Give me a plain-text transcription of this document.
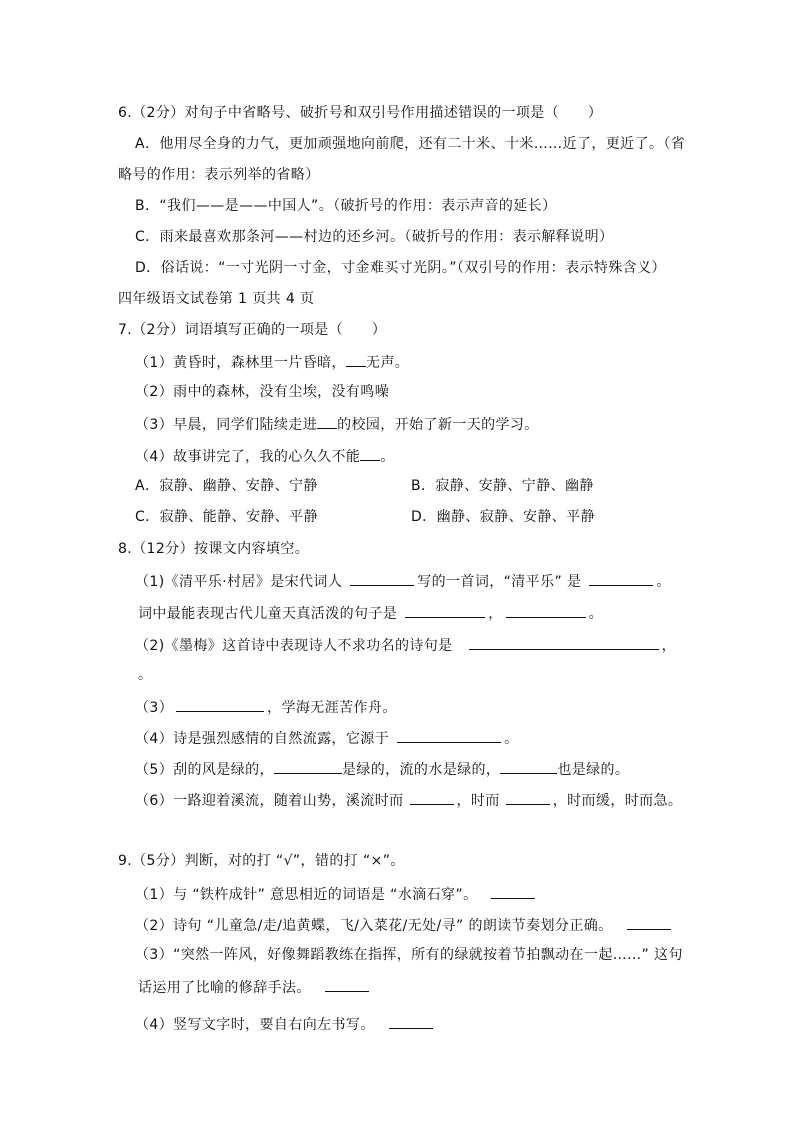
6.（2分）对句子中省略号、破折号和双引号作用描述错误的一项是（　　）
A．他用尽全身的力气，更加顽强地向前爬，还有二十米、十米……近了，更近了。（省
略号的作用：表示列举的省略）
B．“我们——是——中国人”。（破折号的作用：表示声音的延长）
C．雨来最喜欢那条河——村边的还乡河。（破折号的作用：表示解释说明）
D．俗话说：“一寸光阴一寸金，寸金难买寸光阴。”（双引号的作用：表示特殊含义）
四年级语文试卷第 1 页共 4 页
7.（2分）词语填写正确的一项是（　　）
（1）黄昏时，森林里一片昏暗， 无声。
（2）雨中的森林，没有尘埃，没有鸣噪
（3）早晨，同学们陆续走进 的校园，开始了新一天的学习。
（4）故事讲完了，我的心久久不能 。
A．寂静、幽静、安静、宁静	B．寂静、安静、宁静、幽静
C．寂静、能静、安静、平静	D．幽静、寂静、安静、平静
8.（12分）按课文内容填空。
（1)《清平乐·村居》是宋代词人	写的一首词，“清平乐” 是	。
词中最能表现古代儿童天真活泼的句子是	，	。
（2)《墨梅》这首诗中表现诗人不求功名的诗句是	，
。
（3）	，学海无涯苦作舟。
（4）诗是强烈感情的自然流露，它源于	。
（5）刮的风是绿的，	是绿的，流的水是绿的，	也是绿的。
（6）一路迎着溪流，随着山势，溪流时而	，时而	，时而缓，时而急。
9.（5分）判断，对的打 “√”，错的打 “×”。
（1）与 “铁杵成针” 意思相近的词语是 “水滴石穿”。
（2）诗句 “儿童急/走/追黄蝶，飞/入菜花/无处/寻” 的朗读节奏划分正确。
（3）“突然一阵风，好像舞蹈教练在指挥，所有的绿就按着节拍飘动在一起……” 这句
话运用了比喻的修辞手法。
（4）竖写文字时，要自右向左书写。
